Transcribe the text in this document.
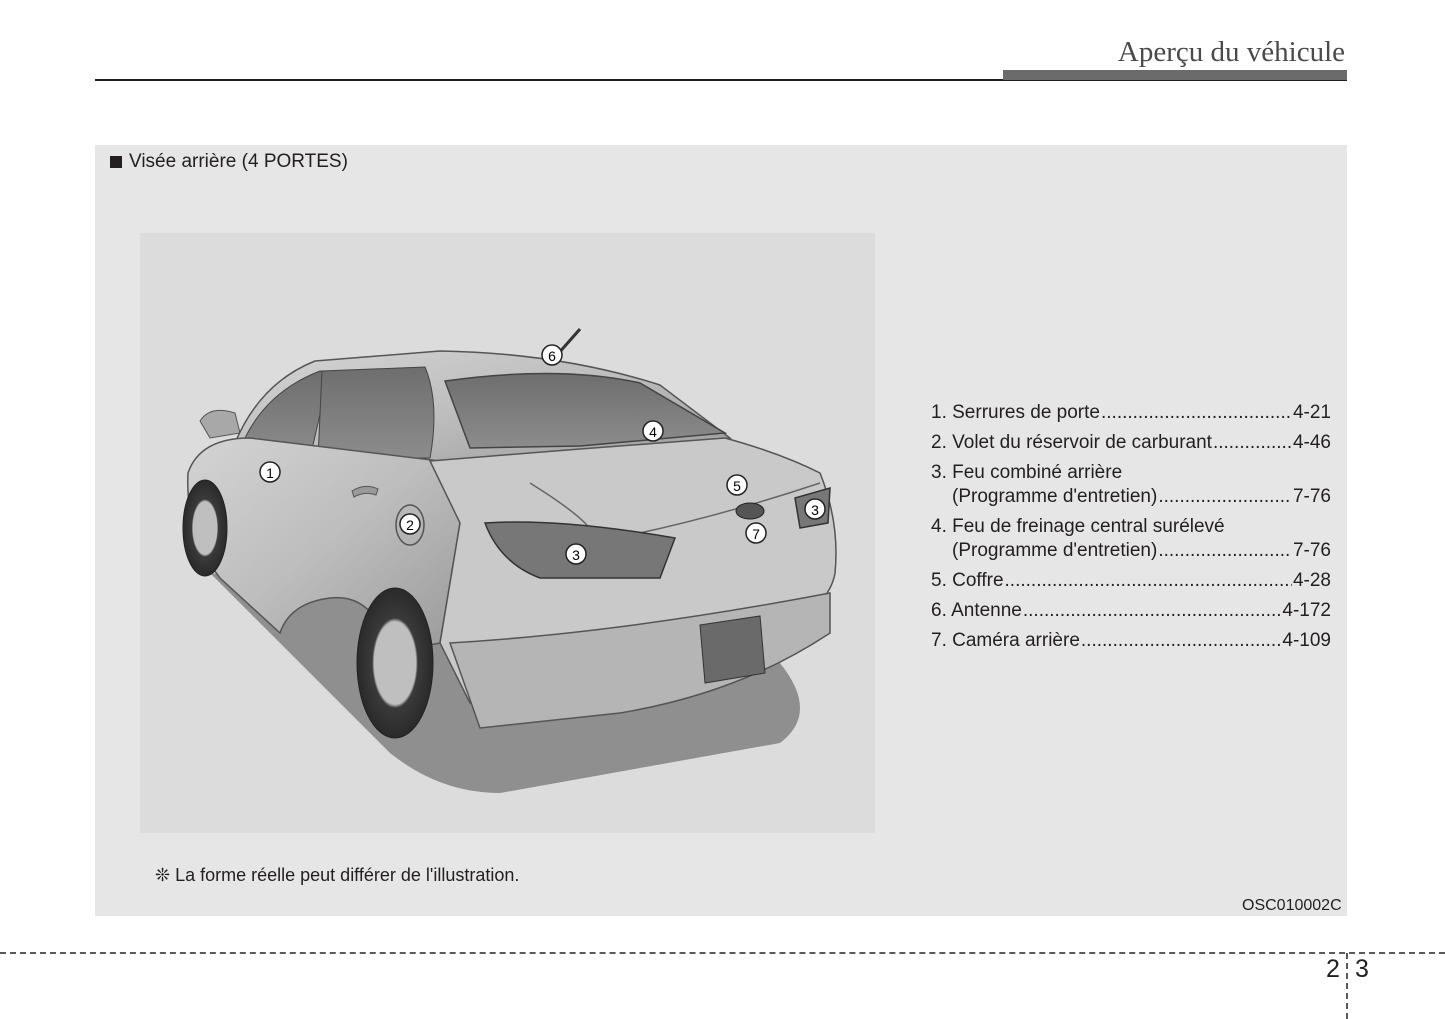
Aperçu du véhicule
Visée arrière (4 PORTES)
1
2
3
3
4
5
6
7
1. Serrures de porte .....	4-21
2. Volet du réservoir de carburant .....	4-46
3. Feu combiné arrière
(Programme d'entretien) .....	7-76
4. Feu de freinage central surélevé
(Programme d'entretien) .....	7-76
5. Coffre .....	4-28
6. Antenne .....	4-172
7. Caméra arrière .....	4-109
❊ La forme réelle peut différer de l'illustration.
OSC010002C
2 3
